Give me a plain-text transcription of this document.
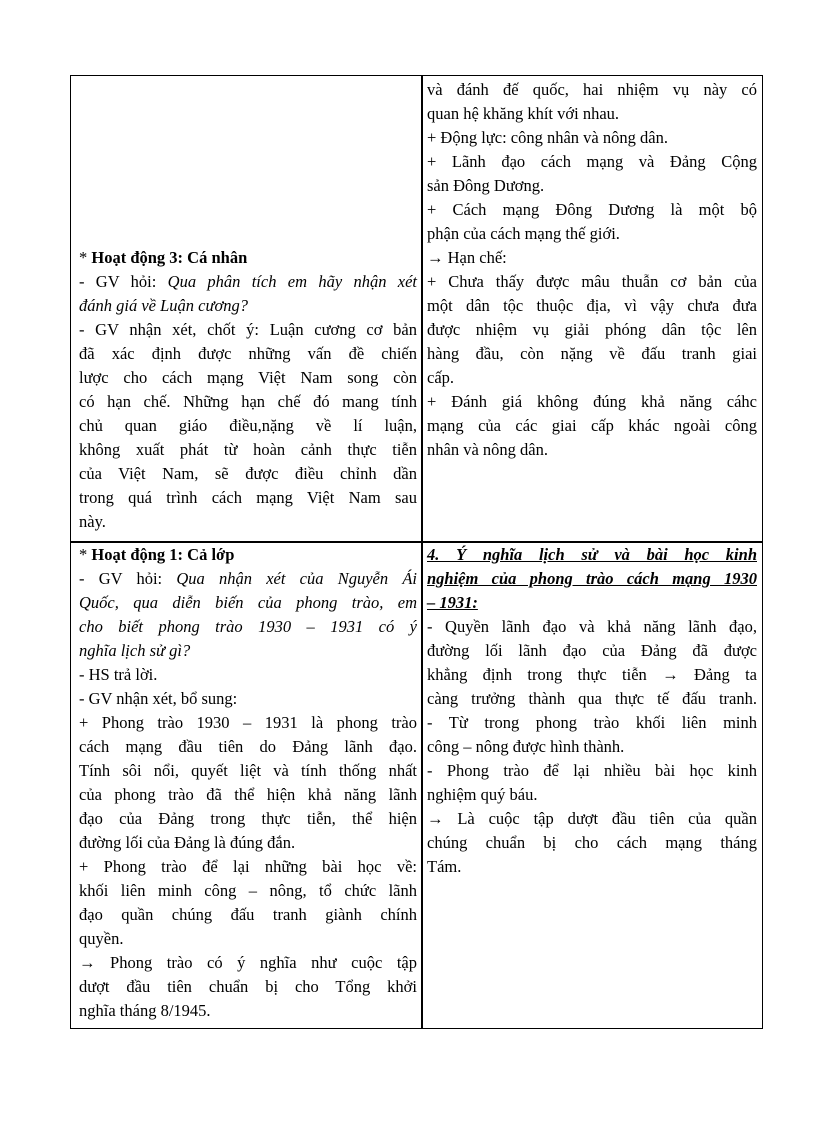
* Hoạt động 3: Cá nhân
- GV hỏi: Qua phân tích em hãy nhận xét
đánh giá về Luận cương?
- GV nhận xét, chốt ý: Luận cương cơ bản
đã xác định được những vấn đề chiến
lược cho cách mạng Việt Nam song còn
có hạn chế. Những hạn chế đó mang tính
chủ quan giáo điều,nặng về lí luận,
không xuất phát từ hoàn cảnh thực tiễn
của Việt Nam, sẽ được điều chỉnh dần
trong quá trình cách mạng Việt Nam sau
này.
* Hoạt động 1: Cả lớp
- GV hỏi: Qua nhận xét của Nguyễn Ái
Quốc, qua diễn biến của phong trào, em
cho biết phong trào 1930 – 1931 có ý
nghĩa lịch sử gì?
- HS trả lời.
- GV nhận xét, bổ sung:
+ Phong trào 1930 – 1931 là phong trào
cách mạng đầu tiên do Đảng lãnh đạo.
Tính sôi nổi, quyết liệt và tính thống nhất
của phong trào đã thể hiện khả năng lãnh
đạo của Đảng trong thực tiễn, thể hiện
đường lối của Đảng là đúng đắn.
+ Phong trào để lại những bài học về:
khối liên minh công – nông, tổ chức lãnh
đạo quần chúng đấu tranh giành chính
quyền.
→ Phong trào có ý nghĩa như cuộc tập
dượt đầu tiên chuẩn bị cho Tổng khởi
nghĩa tháng 8/1945.
và đánh đế quốc, hai nhiệm vụ này có
quan hệ khăng khít với nhau.
+ Động lực: công nhân và nông dân.
+ Lãnh đạo cách mạng và Đảng Cộng
sản Đông Dương.
+ Cách mạng Đông Dương là một bộ
phận của cách mạng thế giới.
→ Hạn chế:
+ Chưa thấy được mâu thuẫn cơ bản của
một dân tộc thuộc địa, vì vậy chưa đưa
được nhiệm vụ giải phóng dân tộc lên
hàng đầu, còn nặng về đấu tranh giai
cấp.
+ Đánh giá không đúng khả năng cáhc
mạng của các giai cấp khác ngoài công
nhân và nông dân.
4. Ý nghĩa lịch sử và bài học kinh
nghiệm của phong trào cách mạng 1930
– 1931:
- Quyền lãnh đạo và khả năng lãnh đạo,
đường lối lãnh đạo của Đảng đã được
khẳng định trong thực tiễn → Đảng ta
càng trưởng thành qua thực tế đấu tranh.
- Từ trong phong trào khối liên minh
công – nông được hình thành.
- Phong trào để lại nhiều bài học kinh
nghiệm quý báu.
→ Là cuộc tập dượt đầu tiên của quần
chúng chuẩn bị cho cách mạng tháng
Tám.
